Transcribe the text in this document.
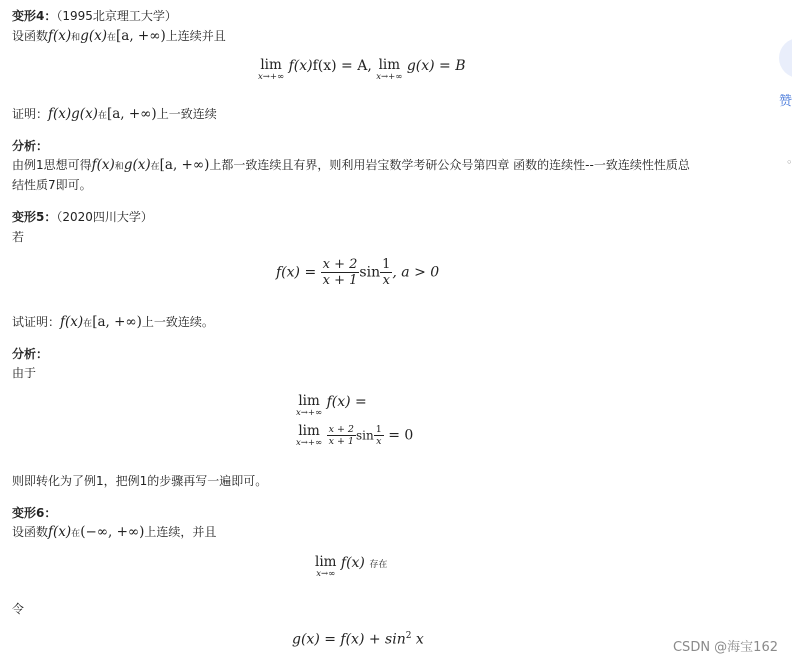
变形4：（1995北京理工大学）
设函数f(x)和g(x)在[a, +∞)上连续并且
lim
x→+∞
f(x)f(x) = A, lim
x→+∞
g(x) = B
证明：f(x)g(x)在[a, +∞)上一致连续
分析：
由例1思想可得f(x)和g(x)在[a, +∞)上都一致连续且有界，则利用岩宝数学考研公众号第四章 函数的连续性--一致连续性性质总
结性质7即可。
变形5：（2020四川大学）
若
$f(x) = \frac{x + 2}{x + 1}$ $\sin \frac{1}{x}$ , a > 0
试证明：f(x)在[a, +∞)上一致连续。
分析：
由于
lim
x→+∞
f(x) =
lim
x→+∞
$\frac{x + 2}{x + 1}$ $\sin \frac{1}{x} = 0$
则即转化为了例1，把例1的步骤再写一遍即可。
变形6：
设函数f(x)在(−∞, +∞)上连续，并且
lim
x→∞
f(x) 存在
令
$g(x) = f(x) + \sin^2 x$
赞
◦
CSDN @海宝162
